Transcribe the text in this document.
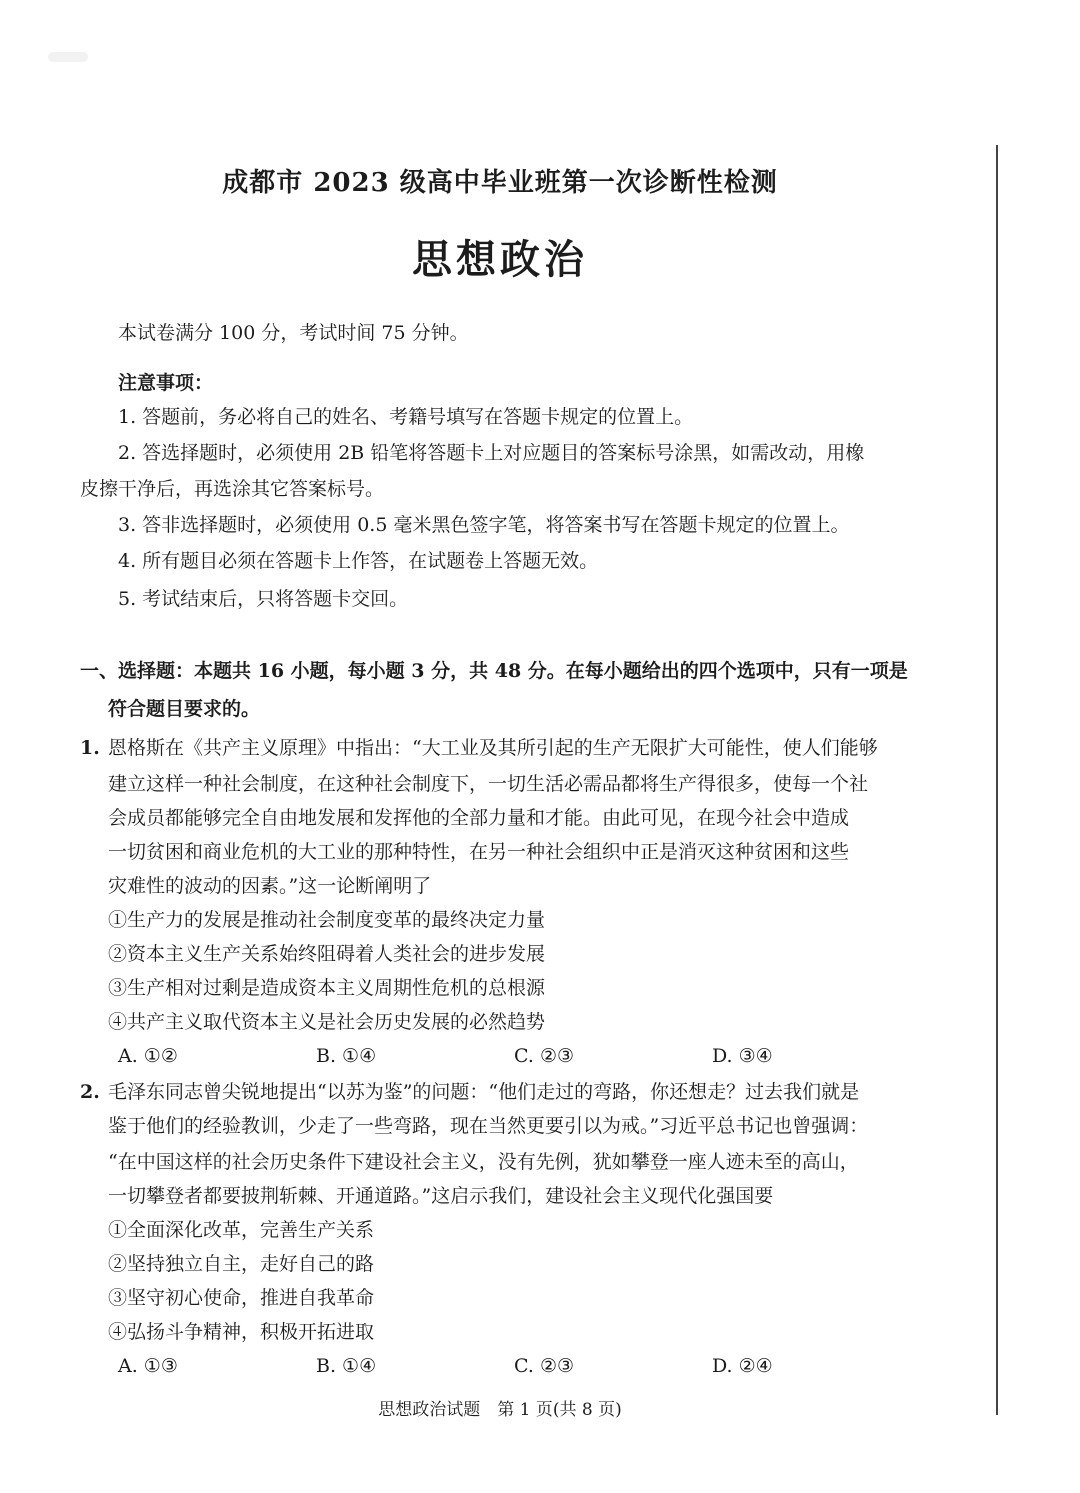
成都市 2023 级高中毕业班第一次诊断性检测
思想政治
本试卷满分 100 分，考试时间 75 分钟。
注意事项：
1. 答题前，务必将自己的姓名、考籍号填写在答题卡规定的位置上。
2. 答选择题时，必须使用 2B 铅笔将答题卡上对应题目的答案标号涂黑，如需改动，用橡
皮擦干净后，再选涂其它答案标号。
3. 答非选择题时，必须使用 0.5 毫米黑色签字笔，将答案书写在答题卡规定的位置上。
4. 所有题目必须在答题卡上作答，在试题卷上答题无效。
5. 考试结束后，只将答题卡交回。
一、选择题：本题共 16 小题，每小题 3 分，共 48 分。在每小题给出的四个选项中，只有一项是
符合题目要求的。
1. 恩格斯在《共产主义原理》中指出：“大工业及其所引起的生产无限扩大可能性，使人们能够
建立这样一种社会制度，在这种社会制度下，一切生活必需品都将生产得很多，使每一个社
会成员都能够完全自由地发展和发挥他的全部力量和才能。由此可见，在现今社会中造成
一切贫困和商业危机的大工业的那种特性，在另一种社会组织中正是消灭这种贫困和这些
灾难性的波动的因素。”这一论断阐明了
①生产力的发展是推动社会制度变革的最终决定力量
②资本主义生产关系始终阻碍着人类社会的进步发展
③生产相对过剩是造成资本主义周期性危机的总根源
④共产主义取代资本主义是社会历史发展的必然趋势
A. ①②	B. ①④	C. ②③	D. ③④
2. 毛泽东同志曾尖锐地提出“以苏为鉴”的问题：“他们走过的弯路，你还想走？过去我们就是
鉴于他们的经验教训，少走了一些弯路，现在当然更要引以为戒。”习近平总书记也曾强调：
“在中国这样的社会历史条件下建设社会主义，没有先例，犹如攀登一座人迹未至的高山，
一切攀登者都要披荆斩棘、开通道路。”这启示我们，建设社会主义现代化强国要
①全面深化改革，完善生产关系
②坚持独立自主，走好自己的路
③坚守初心使命，推进自我革命
④弘扬斗争精神，积极开拓进取
A. ①③	B. ①④	C. ②③	D. ②④
思想政治试题　第 1 页(共 8 页)
